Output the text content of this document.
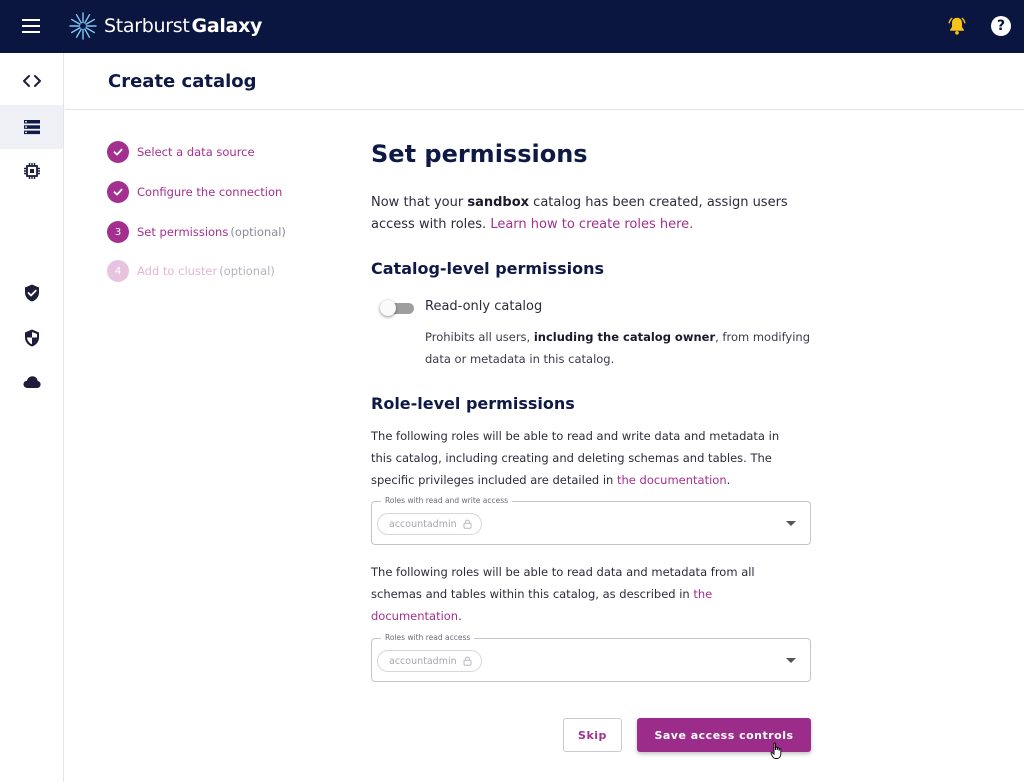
Starburst Galaxy	?
Create catalog
Select a data source
Configure the connection
3	Set permissions (optional)
4	Add to cluster (optional)
Set permissions
Now that your sandbox catalog has been created, assign users access with roles. Learn how to create roles here.
Catalog-level permissions
Read-only catalog
Prohibits all users, including the catalog owner, from modifying data or metadata in this catalog.
Role-level permissions
The following roles will be able to read and write data and metadata in this catalog, including creating and deleting schemas and tables. The specific privileges included are detailed in the documentation.
Roles with read and write access
accountadmin
The following roles will be able to read data and metadata from all schemas and tables within this catalog, as described in the documentation.
Roles with read access
accountadmin
Skip	Save access controls
